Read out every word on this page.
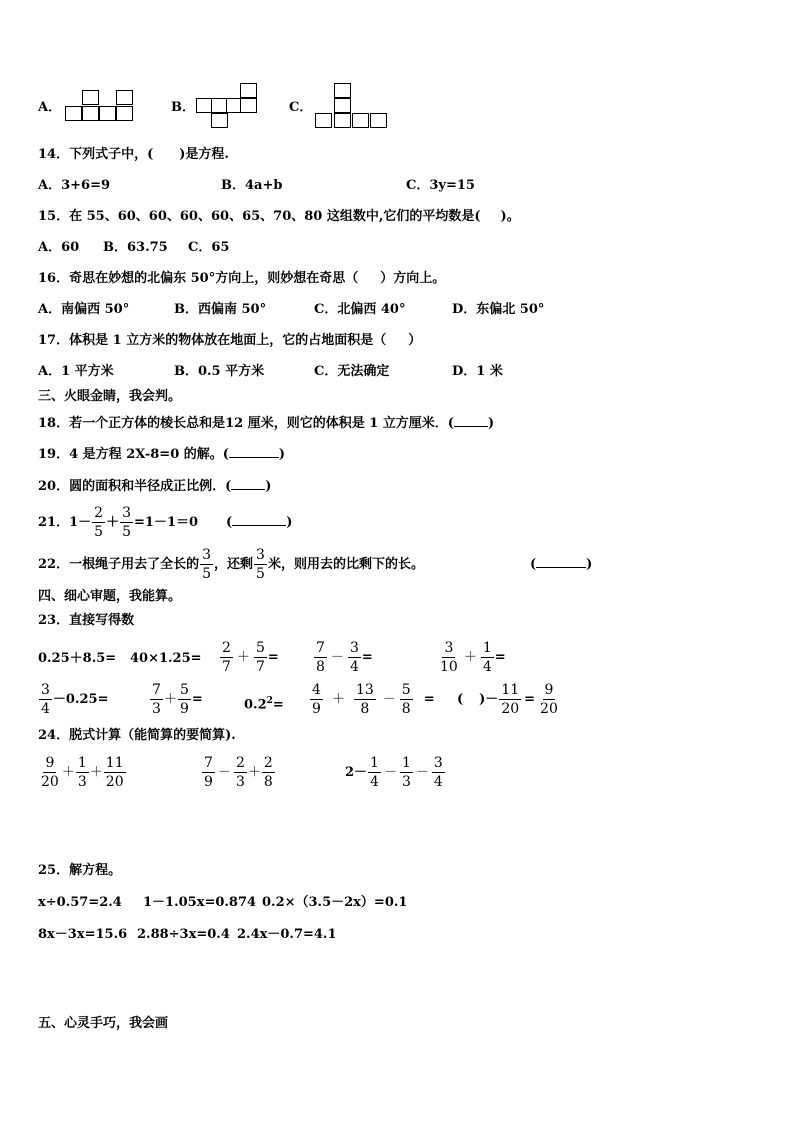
A．	B．	C．
14．下列式子中，( )是方程.
A．3+6=9	B．4a+b	C．3y=15
15．在 55、60、60、60、60、65、70、80 这组数中,它们的平均数是( )。
A．60 B．63.75 C．65
16．奇思在妙想的北偏东 50°方向上，则妙想在奇思（ ）方向上。
A．南偏西 50°	B．西偏南 50°	C．北偏西 40°	D．东偏北 50°
17．体积是 1 立方米的物体放在地面上，它的占地面积是（ ）
A．1 平方米	B．0.5 平方米	C．无法确定	D．1 米
三、火眼金睛，我会判。
18．若一个正方体的棱长总和是12 厘米，则它的体积是 1 立方厘米．(	)
19．4 是方程 2X-8=0 的解。(	)
20．圆的面积和半径成正比例．(	)
21．$1- \frac{2}{5} + \frac{3}{5} =1-1=0$ (	)
22．一根绳子用去了全长的 $\frac{3}{5}$ ，还剩 $\frac{3}{5}$ 米，则用去的比剩下的长。	(	)
四、细心审题，我能算。
23．直接写得数
$0.25+8.5= 40\times 1.25= \frac{2}{7} + \frac{5}{7}$ =	$\frac{7}{8} - \frac{3}{4}$ =	$\frac{3}{10} + \frac{1}{4}$ =
$\frac{3}{4} -0.25=$	$\frac{7}{3} + \frac{5}{9}$ =	$0.2^2= \frac{4}{9} + \frac{13}{8} - \frac{5}{8}$ = ( )－ $\frac{11}{20} = \frac{9}{20}$
24．脱式计算（能简算的要简算).
$\frac{9}{20} + \frac{1}{3} + \frac{11}{20}$	$\frac{7}{9} - \frac{2}{3} + \frac{2}{8}$	$2- \frac{1}{4} - \frac{1}{3} - \frac{3}{4}$
25．解方程。
x÷0.57=2.4 1－1.05x=0.874 0.2×（3.5－2x）=0.1
8x－3x=15.6 2.88÷3x=0.4 2.4x－0.7=4.1
五、心灵手巧，我会画
